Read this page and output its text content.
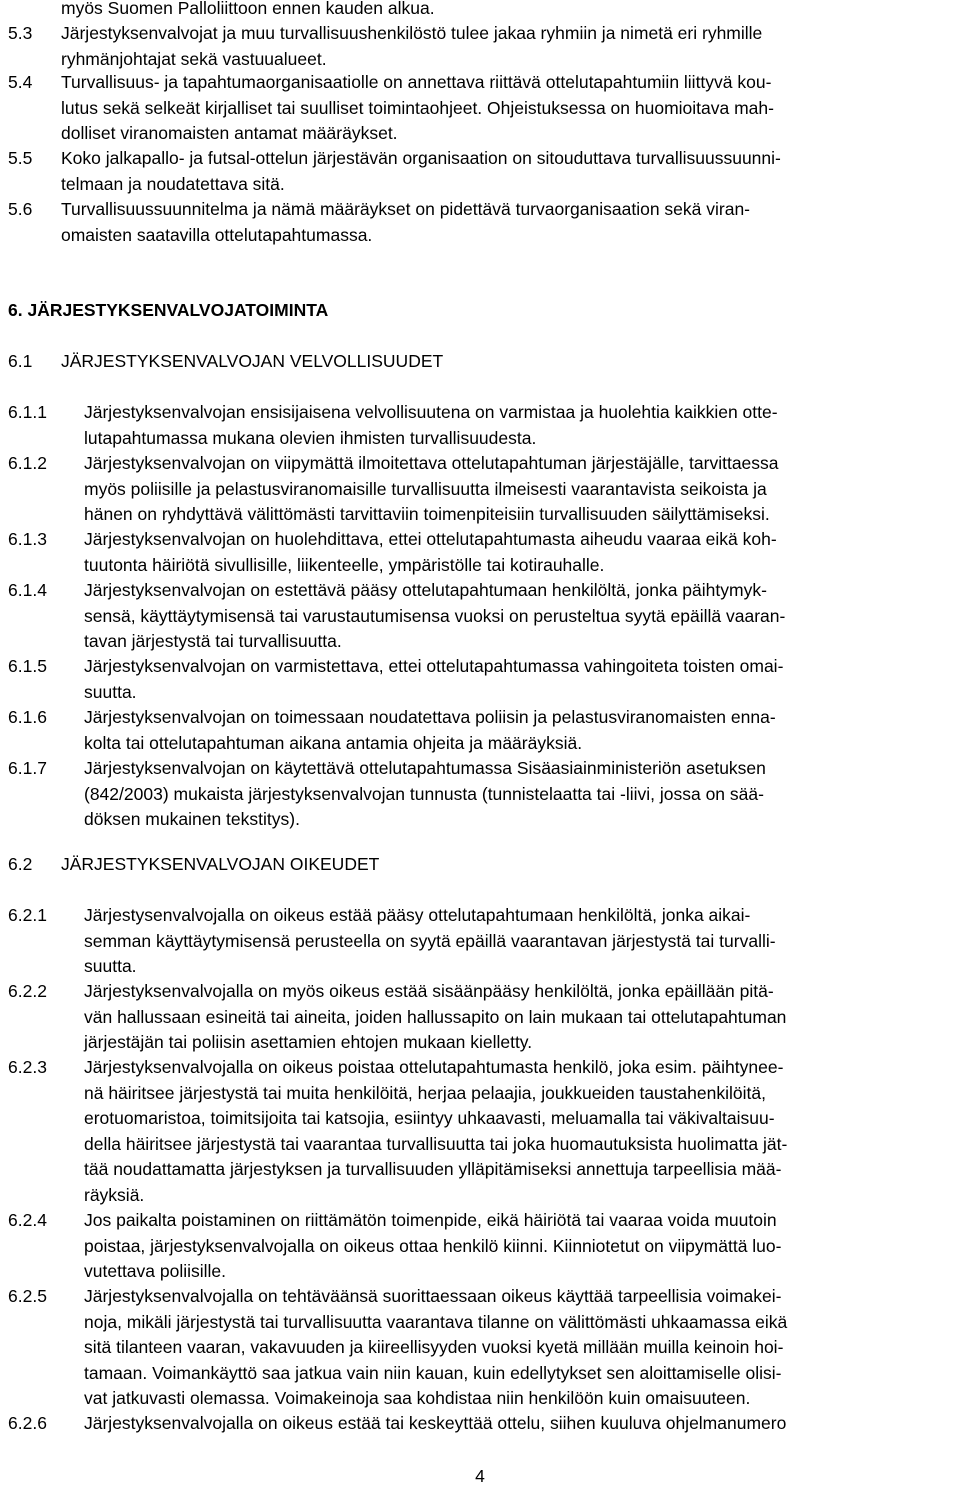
myös Suomen Palloliittoon ennen kauden alkua.
5.3	Järjestyksenvalvojat ja muu turvallisuushenkilöstö tulee jakaa ryhmiin ja nimetä eri ryhmille
ryhmänjohtajat sekä vastuualueet.
5.4	Turvallisuus- ja tapahtumaorganisaatiolle on annettava riittävä ottelutapahtumiin liittyvä kou-
lutus sekä selkeät kirjalliset tai suulliset toimintaohjeet. Ohjeistuksessa on huomioitava mah-
dolliset viranomaisten antamat määräykset.
5.5	Koko jalkapallo- ja futsal-ottelun järjestävän organisaation on sitouduttava turvallisuussuunni-
telmaan ja noudatettava sitä.
5.6	Turvallisuussuunnitelma ja nämä määräykset on pidettävä turvaorganisaation sekä viran-
omaisten saatavilla ottelutapahtumassa.
6. JÄRJESTYKSENVALVOJATOIMINTA
6.1 JÄRJESTYKSENVALVOJAN VELVOLLISUUDET
6.1.1	Järjestyksenvalvojan ensisijaisena velvollisuutena on varmistaa ja huolehtia kaikkien otte-
lutapahtumassa mukana olevien ihmisten turvallisuudesta.
6.1.2	Järjestyksenvalvojan on viipymättä ilmoitettava ottelutapahtuman järjestäjälle, tarvittaessa
myös poliisille ja pelastusviranomaisille turvallisuutta ilmeisesti vaarantavista seikoista ja
hänen on ryhdyttävä välittömästi tarvittaviin toimenpiteisiin turvallisuuden säilyttämiseksi.
6.1.3	Järjestyksenvalvojan on huolehdittava, ettei ottelutapahtumasta aiheudu vaaraa eikä koh-
tuutonta häiriötä sivullisille, liikenteelle, ympäristölle tai kotirauhalle.
6.1.4	Järjestyksenvalvojan on estettävä pääsy ottelutapahtumaan henkilöltä, jonka päihtymyk-
sensä, käyttäytymisensä tai varustautumisensa vuoksi on perusteltua syytä epäillä vaaran-
tavan järjestystä tai turvallisuutta.
6.1.5	Järjestyksenvalvojan on varmistettava, ettei ottelutapahtumassa vahingoiteta toisten omai-
suutta.
6.1.6	Järjestyksenvalvojan on toimessaan noudatettava poliisin ja pelastusviranomaisten enna-
kolta tai ottelutapahtuman aikana antamia ohjeita ja määräyksiä.
6.1.7	Järjestyksenvalvojan on käytettävä ottelutapahtumassa Sisäasiainministeriön asetuksen
(842/2003) mukaista järjestyksenvalvojan tunnusta (tunnistelaatta tai -liivi, jossa on sää-
döksen mukainen tekstitys).
6.2 JÄRJESTYKSENVALVOJAN OIKEUDET
6.2.1	Järjestysenvalvojalla on oikeus estää pääsy ottelutapahtumaan henkilöltä, jonka aikai-
semman käyttäytymisensä perusteella on syytä epäillä vaarantavan järjestystä tai turvalli-
suutta.
6.2.2	Järjestyksenvalvojalla on myös oikeus estää sisäänpääsy henkilöltä, jonka epäillään pitä-
vän hallussaan esineitä tai aineita, joiden hallussapito on lain mukaan tai ottelutapahtuman
järjestäjän tai poliisin asettamien ehtojen mukaan kielletty.
6.2.3	Järjestyksenvalvojalla on oikeus poistaa ottelutapahtumasta henkilö, joka esim. päihtynee-
nä häiritsee järjestystä tai muita henkilöitä, herjaa pelaajia, joukkueiden taustahenkilöitä,
erotuomaristoa, toimitsijoita tai katsojia, esiintyy uhkaavasti, meluamalla tai väkivaltaisuu-
della häiritsee järjestystä tai vaarantaa turvallisuutta tai joka huomautuksista huolimatta jät-
tää noudattamatta järjestyksen ja turvallisuuden ylläpitämiseksi annettuja tarpeellisia mää-
räyksiä.
6.2.4	Jos paikalta poistaminen on riittämätön toimenpide, eikä häiriötä tai vaaraa voida muutoin
poistaa, järjestyksenvalvojalla on oikeus ottaa henkilö kiinni. Kiinniotetut on viipymättä luo-
vutettava poliisille.
6.2.5	Järjestyksenvalvojalla on tehtäväänsä suorittaessaan oikeus käyttää tarpeellisia voimakei-
noja, mikäli järjestystä tai turvallisuutta vaarantava tilanne on välittömästi uhkaamassa eikä
sitä tilanteen vaaran, vakavuuden ja kiireellisyyden vuoksi kyetä millään muilla keinoin hoi-
tamaan. Voimankäyttö saa jatkua vain niin kauan, kuin edellytykset sen aloittamiselle olisi-
vat jatkuvasti olemassa. Voimakeinoja saa kohdistaa niin henkilöön kuin omaisuuteen.
6.2.6	Järjestyksenvalvojalla on oikeus estää tai keskeyttää ottelu, siihen kuuluva ohjelmanumero
4
